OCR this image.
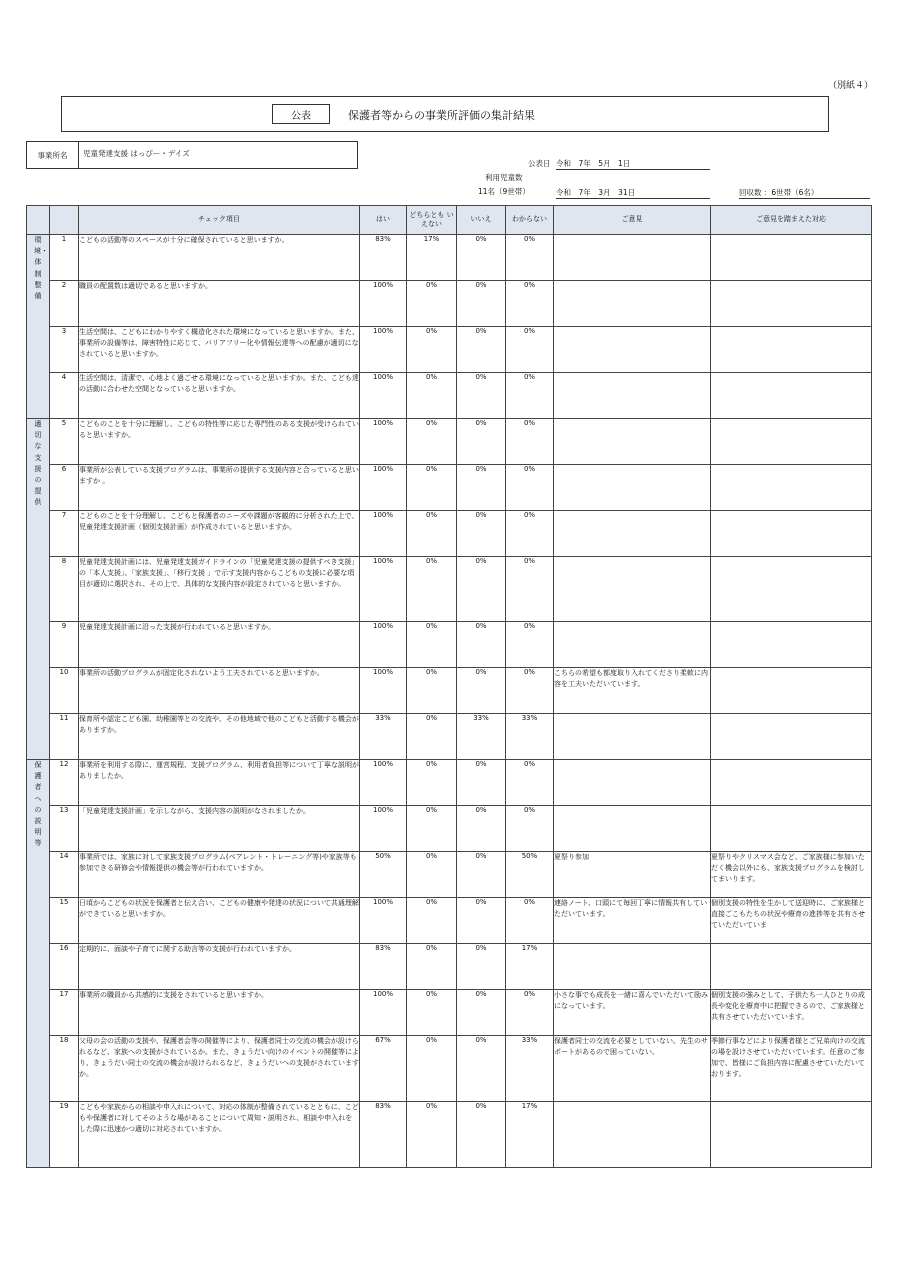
（別紙４）
公表	保護者等からの事業所評価の集計結果
事業所名	児童発達支援 はっぴー・デイズ
公表日 令和　7年　5月　1日
利用児童数
11名（9世帯）	令和　7年　3月　31日	回収数 ：6世帯（6名）
		チェック項目	はい	どちらとも いえない	いいえ	わからない	ご意見	ご意見を踏まえた対応
環境・体制整備	1	こどもの活動等のスペースが十分に確保されていると思いますか。	83%	17%	0%	0%		
	2	職員の配置数は適切であると思いますか。	100%	0%	0%	0%		
	3	生活空間は、こどもにわかりやすく構造化された環境になっていると思いますか。また、事業所の設備等は、障害特性に応じて、バリアフリー化や情報伝達等への配慮が適切になされていると思いますか。	100%	0%	0%	0%		
	4	生活空間は、清潔で、心地よく過ごせる環境になっていると思いますか。また、こども達の活動に合わせた空間となっていると思いますか。	100%	0%	0%	0%		
適切な支援の提供	5	こどものことを十分に理解し、こどもの特性等に応じた専門性のある支援が受けられていると思いますか。	100%	0%	0%	0%		
	6	事業所が公表している支援プログラムは、事業所の提供する支援内容と合っていると思いますか 。	100%	0%	0%	0%		
	7	こどものことを十分理解し、こどもと保護者のニーズや課題が客観的に分析された上で、児童発達支援計画（個別支援計画）が作成されていると思いますか。	100%	0%	0%	0%		
	8	児童発達支援計画には、児童発達支援ガイドラインの「児童発達支援の提供すべき支援」の「本人支援」、「家族支援」、「移行支援 」で示す支援内容からこどもの支援に必要な項目が適切に選択され、その上で、具体的な支援内容が設定されていると思いますか。	100%	0%	0%	0%		
	9	児童発達支援計画に沿った支援が行われていると思いますか。	100%	0%	0%	0%		
	10	事業所の活動プログラムが固定化されないよう工夫されていると思いますか。	100%	0%	0%	0%	こちらの希望も都度取り入れてくださり柔軟に内容を工夫いただいています。	
	11	保育所や認定こども園、幼稚園等との交流や、その他地域で他のこどもと活動する機会がありますか。	33%	0%	33%	33%		
保護者への説明等	12	事業所を利用する際に、運営規程、支援プログラム、利用者負担等について丁寧な説明がありましたか。	100%	0%	0%	0%		
	13	「児童発達支援計画」を示しながら、支援内容の説明がなされましたか。	100%	0%	0%	0%		
	14	事業所では、家族に対して家族支援プログラム(ペアレント・トレーニング等)や家族等も参加できる研修会や情報提供の機会等が行われていますか。	50%	0%	0%	50%	夏祭り参加	夏祭りやクリスマス会など、ご家族様に参加いただく機会以外にも、家族支援プログラムを検討してまいります。
	15	日頃からこどもの状況を保護者と伝え合い、こどもの健康や発達の状況について共通理解ができていると思いますか。	100%	0%	0%	0%	連絡ノート、口頭にて毎回丁寧に情報共有していただいています。	個別支援の特性を生かして送迎時に、ご家族様と直接ごこもたちの状況や療育の進捗等を共有させていただいていま
	16	定期的に、面談や子育てに関する助言等の支援が行われていますか。	83%	0%	0%	17%		
	17	事業所の職員から共感的に支援をされていると思いますか。	100%	0%	0%	0%	小さな事でも成長を一緒に喜んでいただいて励みになっています。	個別支援の強みとして、子供たち一人ひとりの成長や変化を療育中に把握できるので、ご家族様と共有させていただいています。
	18	父母の会の活動の支援や、保護者会等の開催等により、保護者同士の交流の機会が設けられるなど、家族への支援がされているか。また、きょうだい向けのイベントの開催等により、きょうだい同士の交流の機会が設けられるなど、きょうだいへの支援がされていますか。	67%	0%	0%	33%	保護者同士の交流を必要としていない。先生のサポートがあるので困っていない。	季節行事などにより保護者様とご兄弟向けの交流の場を設けさせていただいています。任意のご参加で、皆様にご負担内容に配慮させていただいております。
	19	こどもや家族からの相談や申入れについて、対応の体制が整備されているとともに、こどもや保護者に対してそのような場があることについて周知・説明され、相談や申入れをした際に迅速かつ適切に対応されていますか。	83%	0%	0%	17%		
